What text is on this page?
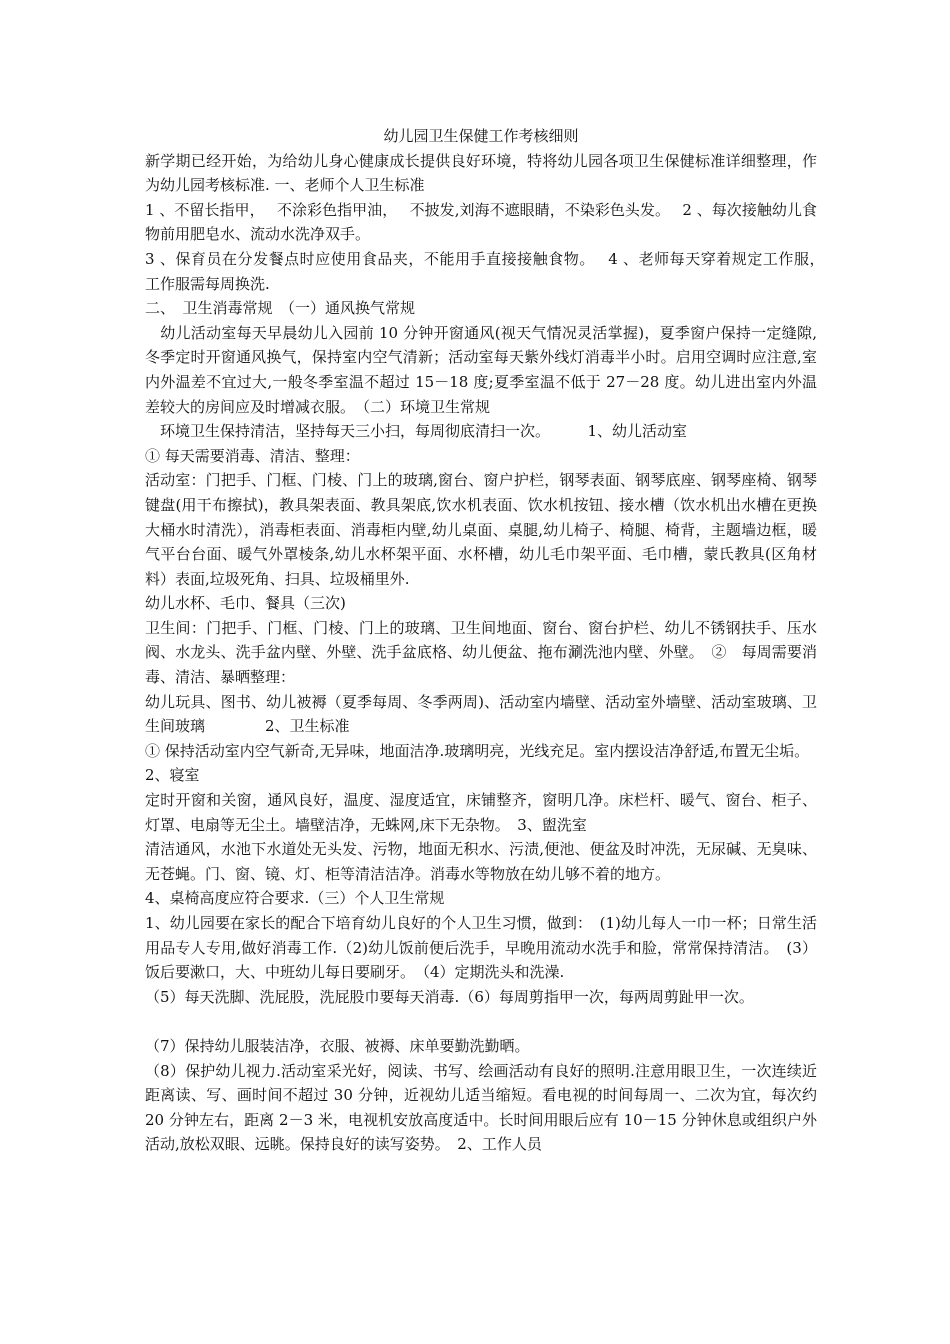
幼儿园卫生保健工作考核细则

新学期已经开始，为给幼儿身心健康成长提供良好环境，特将幼儿园各项卫生保健标准详细整理，作为幼儿园考核标准. 一、老师个人卫生标准

1 、不留长指甲，　 不涂彩色指甲油，　 不披发,刘海不遮眼睛，不染彩色头发。　 2 、每次接触幼儿食物前用肥皂水、流动水洗净双手。

3 、保育员在分发餐点时应使用食品夹，不能用手直接接触食物。　 4 、老师每天穿着规定工作服，　 工作服需每周换洗.

二、　卫生消毒常规　（一）通风换气常规

　幼儿活动室每天早晨幼儿入园前 10 分钟开窗通风(视天气情况灵活掌握)，夏季窗户保持一定缝隙,冬季定时开窗通风换气，保持室内空气清新；活动室每天紫外线灯消毒半小时。启用空调时应注意,室内外温差不宜过大,一般冬季室温不超过 15－18 度;夏季室温不低于 27－28 度。幼儿进出室内外温差较大的房间应及时增减衣服。　（二）环境卫生常规

　环境卫生保持清洁，坚持每天三小扫，每周彻底清扫一次。　　　1、幼儿活动室

① 每天需要消毒、清洁、整理：

活动室：门把手、门框、门棱、门上的玻璃,窗台、窗户护栏，钢琴表面、钢琴底座、钢琴座椅、钢琴键盘(用干布擦拭)，教具架表面、教具架底,饮水机表面、饮水机按钮、接水槽（饮水机出水槽在更换大桶水时清洗），消毒柜表面、消毒柜内壁,幼儿桌面、桌腿,幼儿椅子、椅腿、椅背，主题墙边框，暖气平台台面、暖气外罩棱条,幼儿水杯架平面、水杯槽，幼儿毛巾架平面、毛巾槽，蒙氏教具(区角材料）表面,垃圾死角、扫具、垃圾桶里外.

幼儿水杯、毛巾、餐具（三次)

卫生间：门把手、门框、门棱、门上的玻璃、卫生间地面、窗台、窗台护栏、幼儿不锈钢扶手、压水阀、水龙头、洗手盆内壁、外壁、洗手盆底格、幼儿便盆、拖布涮洗池内壁、外壁。　②　每周需要消毒、清洁、暴晒整理：

幼儿玩具、图书、幼儿被褥（夏季每周、冬季两周)、活动室内墙壁、活动室外墙壁、活动室玻璃、卫生间玻璃　　　　2、卫生标准

① 保持活动室内空气新奇,无异味，地面洁净.玻璃明亮，光线充足。室内摆设洁净舒适,布置无尘垢。

2、寝室

定时开窗和关窗，通风良好，温度、湿度适宜，床铺整齐，窗明几净。床栏杆、暖气、窗台、柜子、灯罩、电扇等无尘土。墙壁洁净，无蛛网,床下无杂物。　3、盥洗室

清洁通风，水池下水道处无头发、污物，地面无积水、污渍,便池、便盆及时冲洗，无尿碱、无臭味、无苍蝇。门、窗、镜、灯、柜等清洁洁净。消毒水等物放在幼儿够不着的地方。

4、桌椅高度应符合要求.（三）个人卫生常规

1、幼儿园要在家长的配合下培育幼儿良好的个人卫生习惯，做到：　(1)幼儿每人一巾一杯；日常生活用品专人专用,做好消毒工作.（2)幼儿饭前便后洗手，早晚用流动水洗手和脸，常常保持清洁。　(3）饭后要漱口，大、中班幼儿每日要刷牙。　（4）定期洗头和洗澡.

（5）每天洗脚、洗屁股，洗屁股巾要每天消毒.（6）每周剪指甲一次，每两周剪趾甲一次。

（7）保持幼儿服装洁净，衣服、被褥、床单要勤洗勤晒。

（8）保护幼儿视力.活动室采光好，阅读、书写、绘画活动有良好的照明.注意用眼卫生，一次连续近距离读、写、画时间不超过 30 分钟，近视幼儿适当缩短。看电视的时间每周一、二次为宜，每次约 20 分钟左右，距离 2－3 米，电视机安放高度适中。长时间用眼后应有 10－15 分钟休息或组织户外活动,放松双眼、远眺。保持良好的读写姿势。　2、工作人员
